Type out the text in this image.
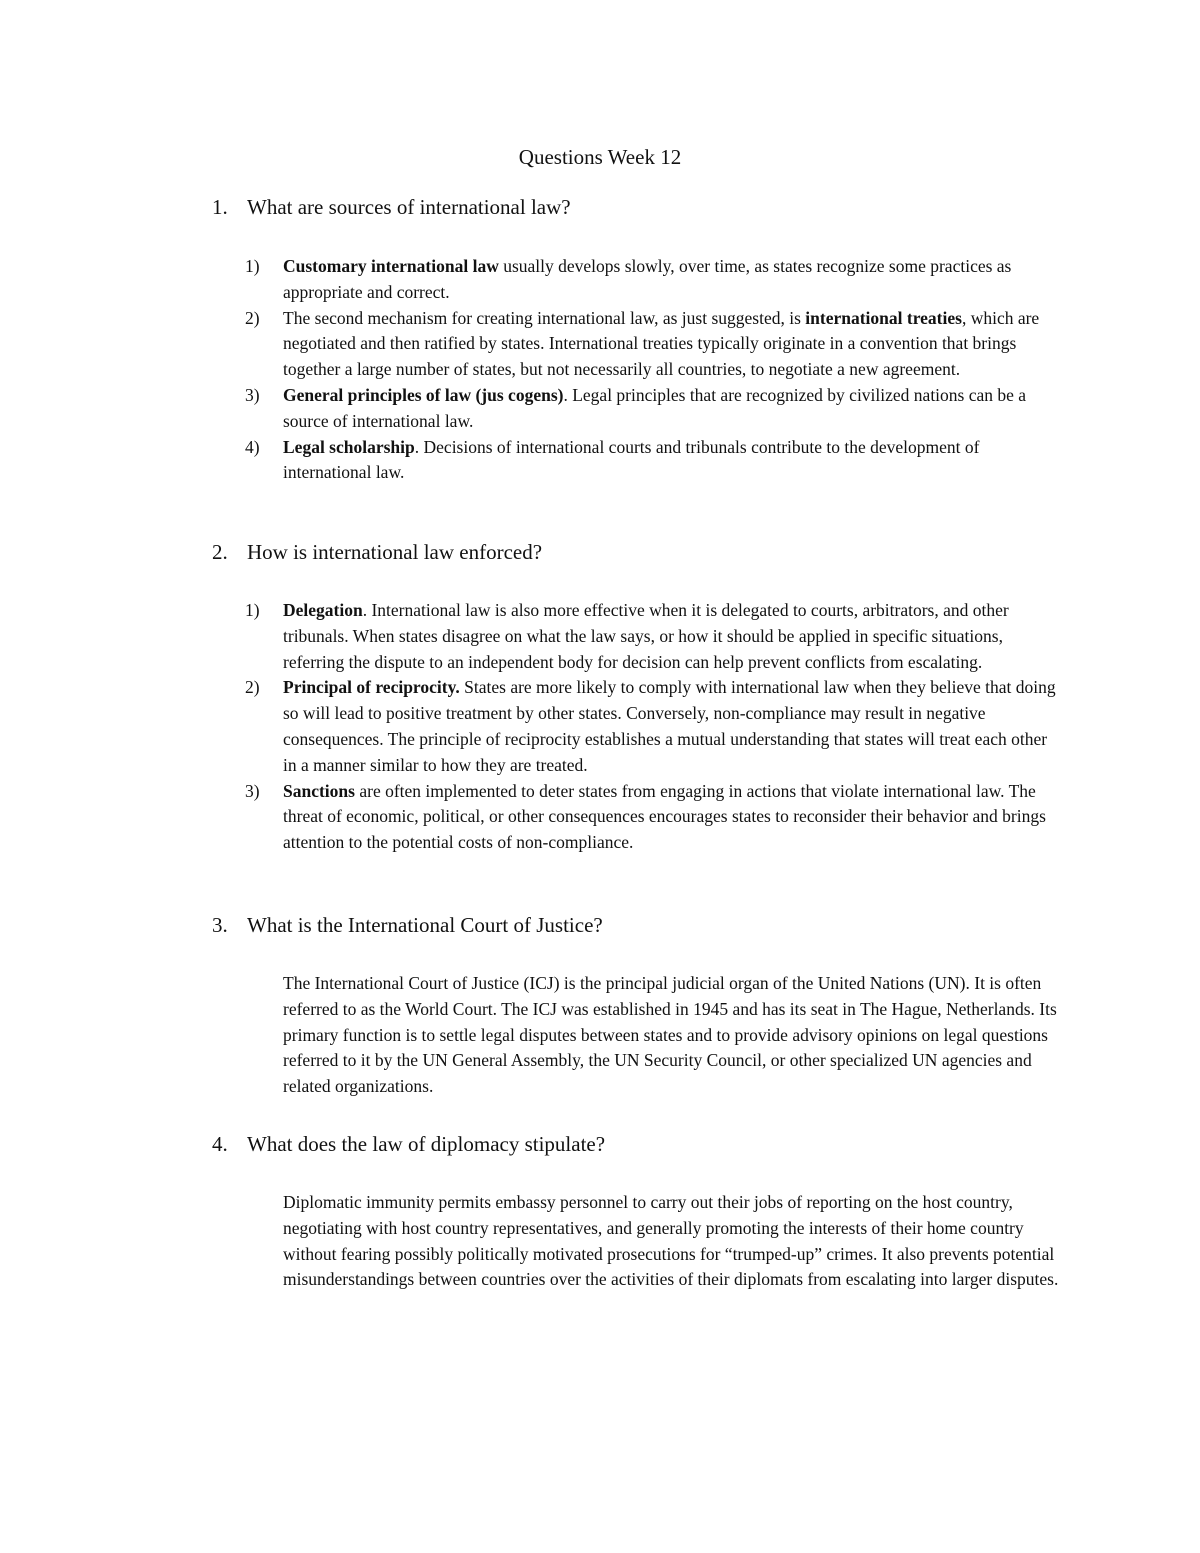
Questions Week 12
1. What are sources of international law?
1) Customary international law usually develops slowly, over time, as states recognize some practices as appropriate and correct.
2) The second mechanism for creating international law, as just suggested, is international treaties, which are negotiated and then ratified by states. International treaties typically originate in a convention that brings together a large number of states, but not necessarily all countries, to negotiate a new agreement.
3) General principles of law (jus cogens). Legal principles that are recognized by civilized nations can be a source of international law.
4) Legal scholarship. Decisions of international courts and tribunals contribute to the development of international law.
2. How is international law enforced?
1) Delegation. International law is also more effective when it is delegated to courts, arbitrators, and other tribunals. When states disagree on what the law says, or how it should be applied in specific situations, referring the dispute to an independent body for decision can help prevent conflicts from escalating.
2) Principal of reciprocity. States are more likely to comply with international law when they believe that doing so will lead to positive treatment by other states. Conversely, non-compliance may result in negative consequences. The principle of reciprocity establishes a mutual understanding that states will treat each other in a manner similar to how they are treated.
3) Sanctions are often implemented to deter states from engaging in actions that violate international law. The threat of economic, political, or other consequences encourages states to reconsider their behavior and brings attention to the potential costs of non-compliance.
3. What is the International Court of Justice?

The International Court of Justice (ICJ) is the principal judicial organ of the United Nations (UN). It is often referred to as the World Court. The ICJ was established in 1945 and has its seat in The Hague, Netherlands. Its primary function is to settle legal disputes between states and to provide advisory opinions on legal questions referred to it by the UN General Assembly, the UN Security Council, or other specialized UN agencies and related organizations.

4. What does the law of diplomacy stipulate?

Diplomatic immunity permits embassy personnel to carry out their jobs of reporting on the host country, negotiating with host country representatives, and generally promoting the interests of their home country without fearing possibly politically motivated prosecutions for “trumped-up” crimes. It also prevents potential misunderstandings between countries over the activities of their diplomats from escalating into larger disputes.
